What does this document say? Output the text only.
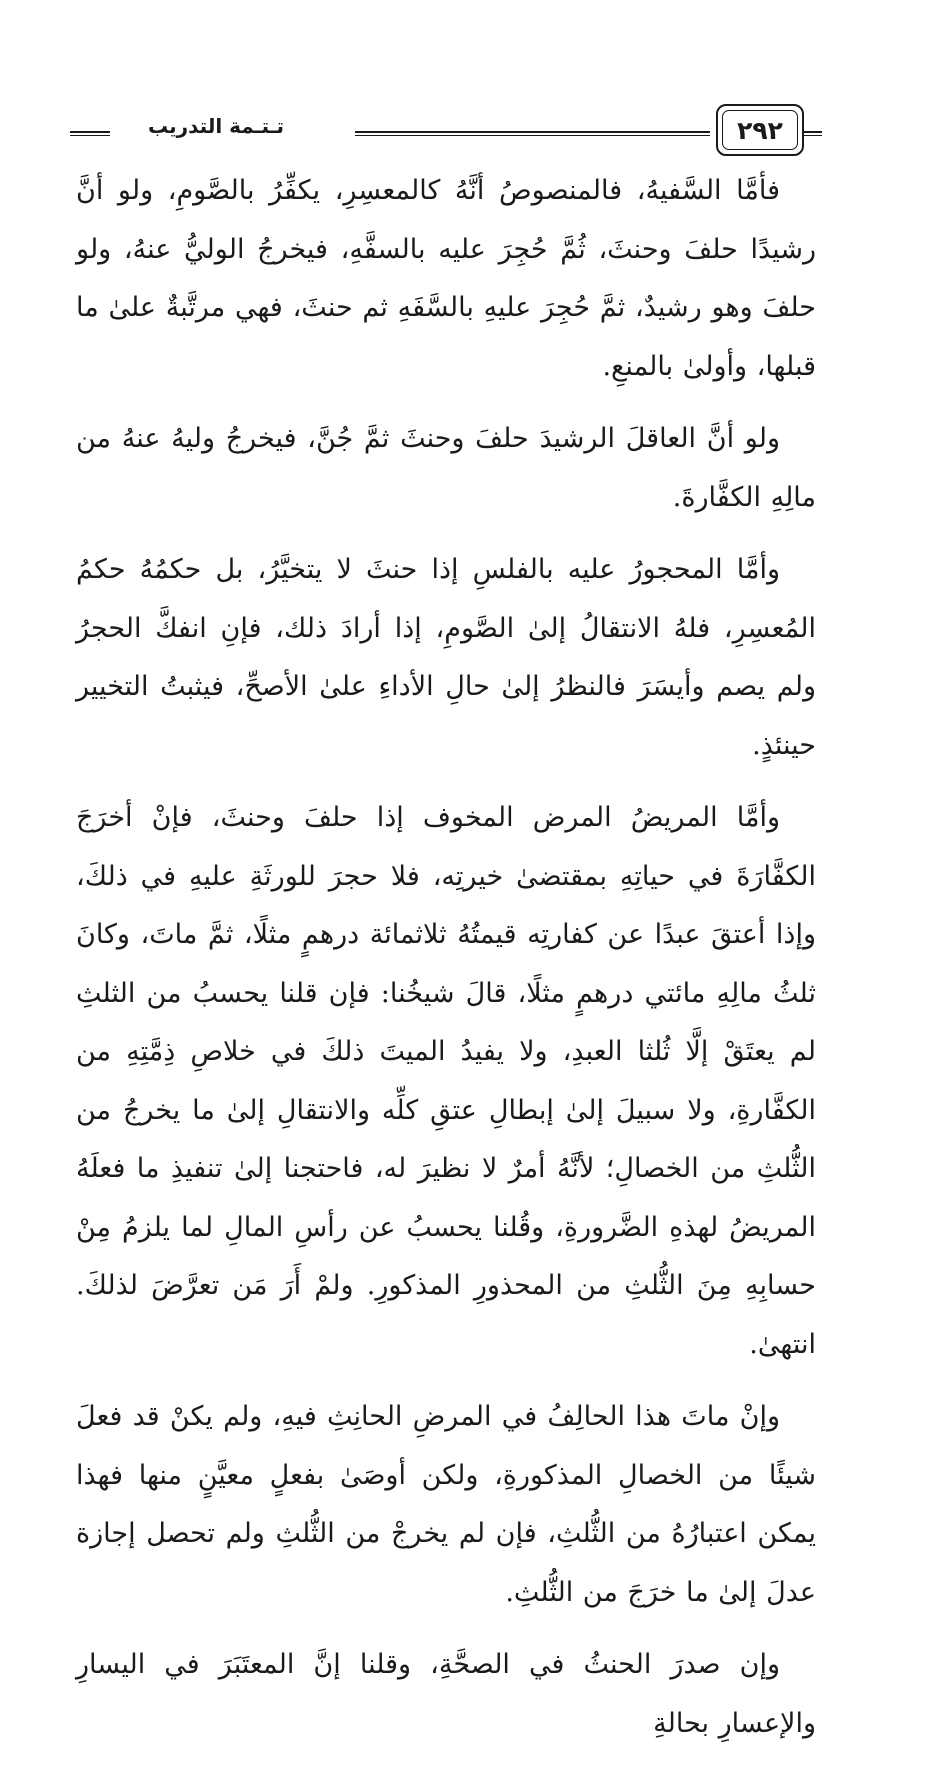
٢٩٢
تـتـمة التدريب

فأمَّا السَّفيهُ، فالمنصوصُ أنَّهُ كالمعسِرِ، يكفِّرُ بالصَّومِ، ولو أنَّ رشيدًا حلفَ وحنثَ، ثُمَّ حُجِرَ عليه بالسفَّهِ، فيخرجُ الوليُّ عنهُ، ولو حلفَ وهو رشيدٌ، ثمَّ حُجِرَ عليهِ بالسَّفَهِ ثم حنثَ، فهي مرتَّبةٌ علىٰ ما قبلها، وأولىٰ بالمنعِ.

ولو أنَّ العاقلَ الرشيدَ حلفَ وحنثَ ثمَّ جُنَّ، فيخرجُ وليهُ عنهُ من مالِهِ الكفَّارةَ.

وأمَّا المحجورُ عليه بالفلسِ إذا حنثَ لا يتخيَّرُ، بل حكمُهُ حكمُ المُعسِرِ، فلهُ الانتقالُ إلىٰ الصَّومِ، إذا أرادَ ذلك، فإنِ انفكَّ الحجرُ ولم يصم وأيسَرَ فالنظرُ إلىٰ حالِ الأداءِ علىٰ الأصحِّ، فيثبتُ التخيير حينئذٍ.

وأمَّا المريضُ المرض المخوف إذا حلفَ وحنثَ، فإنْ أخرَجَ الكفَّارَةَ في حياتِهِ بمقتضىٰ خيرتِه، فلا حجرَ للورثَةِ عليهِ في ذلكَ، وإذا أعتقَ عبدًا عن كفارتِه قيمتُهُ ثلاثمائة درهمٍ مثلًا، ثمَّ ماتَ، وكانَ ثلثُ مالِهِ مائتي درهمٍ مثلًا، قالَ شيخُنا: فإن قلنا يحسبُ من الثلثِ لم يعتَقْ إلَّا ثُلثا العبدِ، ولا يفيدُ الميتَ ذلكَ في خلاصِ ذِمَّتِهِ من الكفَّارةِ، ولا سبيلَ إلىٰ إبطالِ عتقِ كلِّه والانتقالِ إلىٰ ما يخرجُ من الثُّلثِ من الخصالِ؛ لأنَّهُ أمرٌ لا نظيرَ له، فاحتجنا إلىٰ تنفيذِ ما فعلَهُ المريضُ لهذهِ الضَّرورةِ، وقُلنا يحسبُ عن رأسِ المالِ لما يلزمُ مِنْ حسابِهِ مِنَ الثُّلثِ من المحذورِ المذكورِ. ولمْ أَرَ مَن تعرَّضَ لذلكَ. انتهىٰ.

وإنْ ماتَ هذا الحالِفُ في المرضِ الحانِثِ فيهِ، ولم يكنْ قد فعلَ شيئًا من الخصالِ المذكورةِ، ولكن أوصَىٰ بفعلٍ معيَّنٍ منها فهذا يمكن اعتبارُهُ من الثُّلثِ، فإن لم يخرجْ من الثُّلثِ ولم تحصل إجازة عدلَ إلىٰ ما خرَجَ من الثُّلثِ.

وإن صدرَ الحنثُ في الصحَّةِ، وقلنا إنَّ المعتَبَرَ في اليسارِ والإعسارِ بحالةِ
